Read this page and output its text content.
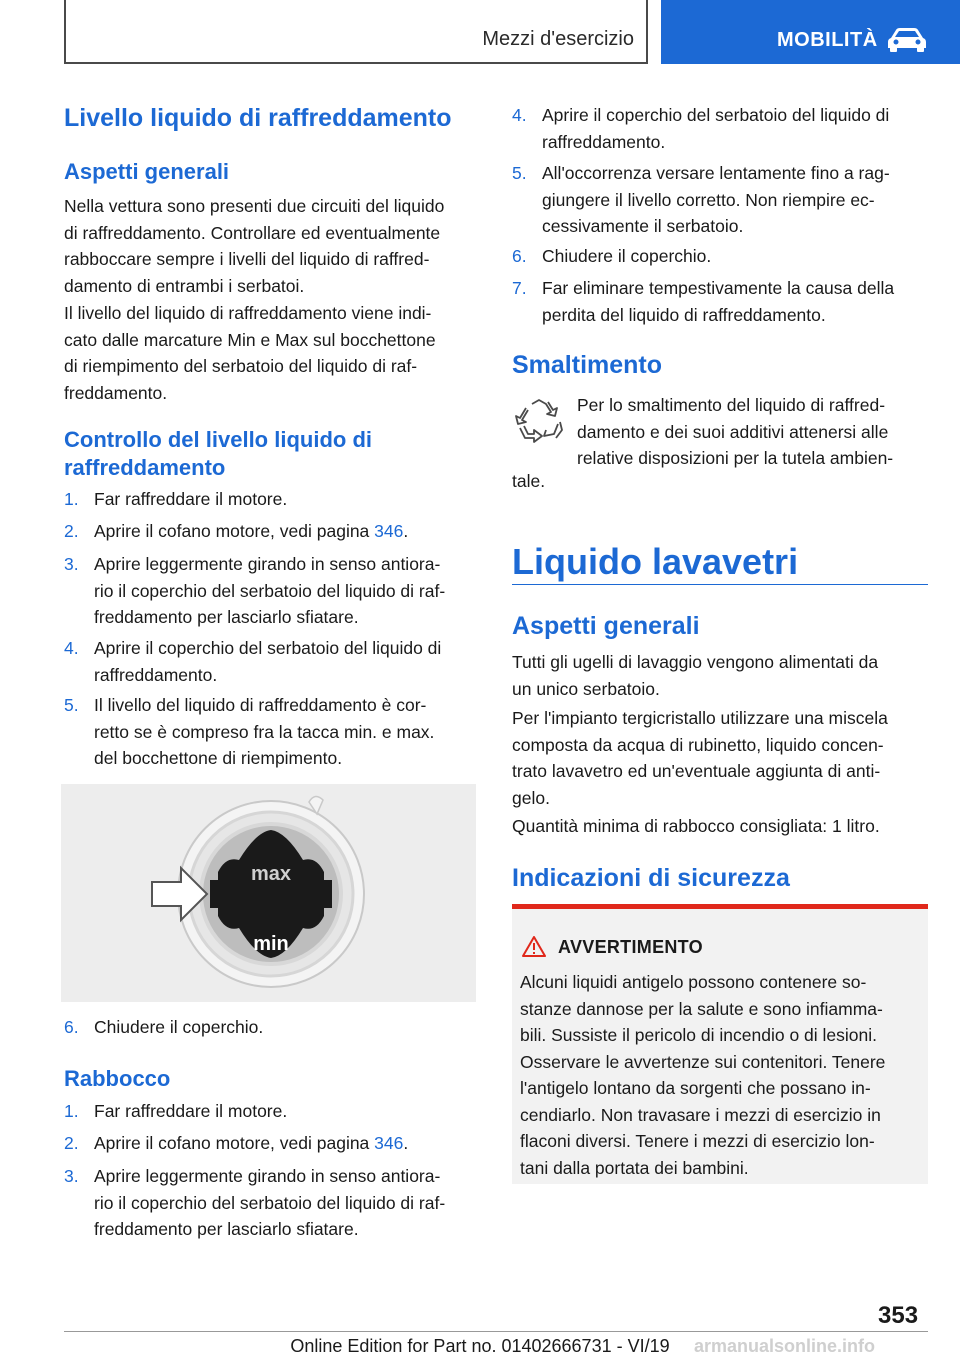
Mezzi d'esercizio	MOBILITÀ
Livello liquido di raffreddamento
Aspetti generali
Nella vettura sono presenti due circuiti del liquido
di raffreddamento. Controllare ed eventualmente
rabboccare sempre i livelli del liquido di raffred-
damento di entrambi i serbatoi.
Il livello del liquido di raffreddamento viene indi-
cato dalle marcature Min e Max sul bocchettone
di riempimento del serbatoio del liquido di raf-
freddamento.
Controllo del livello liquido di
raffreddamento
1. Far raffreddare il motore.
2. Aprire il cofano motore, vedi pagina 346.
3. Aprire leggermente girando in senso antiora-
rio il coperchio del serbatoio del liquido di raf-
freddamento per lasciarlo sfiatare.
4. Aprire il coperchio del serbatoio del liquido di
raffreddamento.
5. Il livello del liquido di raffreddamento è cor-
retto se è compreso fra la tacca min. e max.
del bocchettone di riempimento.
max
min
6. Chiudere il coperchio.
Rabbocco
1. Far raffreddare il motore.
2. Aprire il cofano motore, vedi pagina 346.
3. Aprire leggermente girando in senso antiora-
rio il coperchio del serbatoio del liquido di raf-
freddamento per lasciarlo sfiatare.
4. Aprire il coperchio del serbatoio del liquido di
raffreddamento.
5. All'occorrenza versare lentamente fino a rag-
giungere il livello corretto. Non riempire ec-
cessivamente il serbatoio.
6. Chiudere il coperchio.
7. Far eliminare tempestivamente la causa della
perdita del liquido di raffreddamento.
Smaltimento
Per lo smaltimento del liquido di raffred-
damento e dei suoi additivi attenersi alle
relative disposizioni per la tutela ambien-
tale.
Liquido lavavetri
Aspetti generali
Tutti gli ugelli di lavaggio vengono alimentati da
un unico serbatoio.
Per l'impianto tergicristallo utilizzare una miscela
composta da acqua di rubinetto, liquido concen-
trato lavavetro ed un'eventuale aggiunta di anti-
gelo.
Quantità minima di rabbocco consigliata: 1 litro.
Indicazioni di sicurezza
AVVERTIMENTO
Alcuni liquidi antigelo possono contenere so-
stanze dannose per la salute e sono infiamma-
bili. Sussiste il pericolo di incendio o di lesioni.
Osservare le avvertenze sui contenitori. Tenere
l'antigelo lontano da sorgenti che possano in-
cendiarlo. Non travasare i mezzi di esercizio in
flaconi diversi. Tenere i mezzi di esercizio lon-
tani dalla portata dei bambini.
353
Online Edition for Part no. 01402666731 - VI/19	armanualsonline.info
